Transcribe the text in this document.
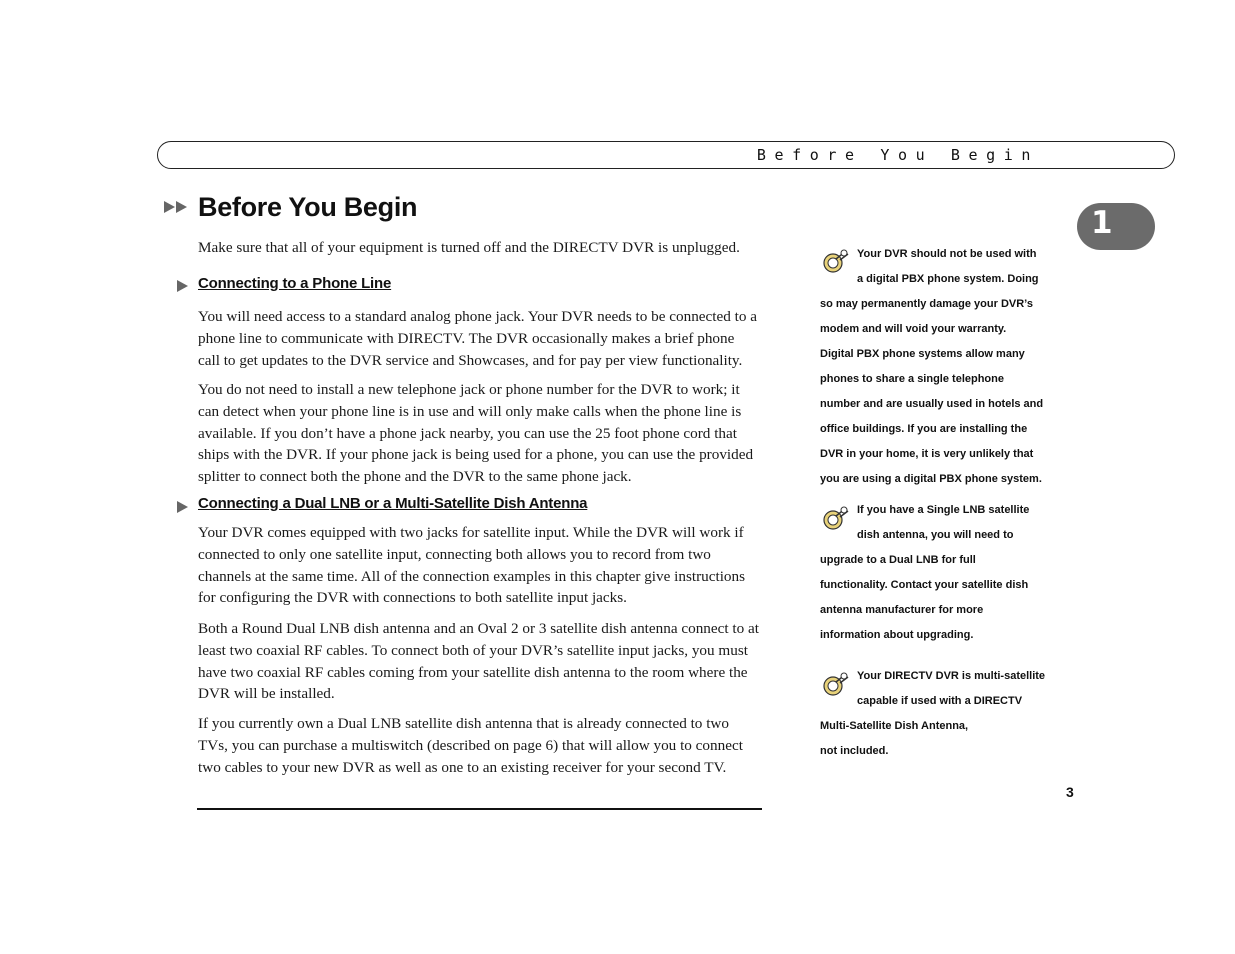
Before You Begin
1
Before You Begin

Make sure that all of your equipment is turned off and the DIRECTV DVR is unplugged.

Connecting to a Phone Line

You will need access to a standard analog phone jack. Your DVR needs to be connected to a phone line to communicate with DIRECTV. The DVR occasionally makes a brief phone call to get updates to the DVR service and Showcases, and for pay per view functionality.

You do not need to install a new telephone jack or phone number for the DVR to work; it can detect when your phone line is in use and will only make calls when the phone line is available. If you don’t have a phone jack nearby, you can use the 25 foot phone cord that ships with the DVR. If your phone jack is being used for a phone, you can use the provided splitter to connect both the phone and the DVR to the same phone jack.

Connecting a Dual LNB or a Multi-Satellite Dish Antenna

Your DVR comes equipped with two jacks for satellite input. While the DVR will work if connected to only one satellite input, connecting both allows you to record from two channels at the same time. All of the connection examples in this chapter give instructions for configuring the DVR with connections to both satellite input jacks.

Both a Round Dual LNB dish antenna and an Oval 2 or 3 satellite dish antenna connect to at least two coaxial RF cables. To connect both of your DVR’s satellite input jacks, you must have two coaxial RF cables coming from your satellite dish antenna to the room where the DVR will be installed.

If you currently own a Dual LNB satellite dish antenna that is already connected to two TVs, you can purchase a multiswitch (described on page 6) that will allow you to connect two cables to your new DVR as well as one to an existing receiver for your second TV.

Your DVR should not be used with
a digital PBX phone system. Doing
so may permanently damage your DVR’s
modem and will void your warranty.
Digital PBX phone systems allow many
phones to share a single telephone
number and are usually used in hotels and
office buildings. If you are installing the
DVR in your home, it is very unlikely that
you are using a digital PBX phone system.
If you have a Single LNB satellite
dish antenna, you will need to
upgrade to a Dual LNB for full
functionality. Contact your satellite dish
antenna manufacturer for more
information about upgrading.
Your DIRECTV DVR is multi-satellite
capable if used with a DIRECTV
Multi-Satellite Dish Antenna,
not included.
3
